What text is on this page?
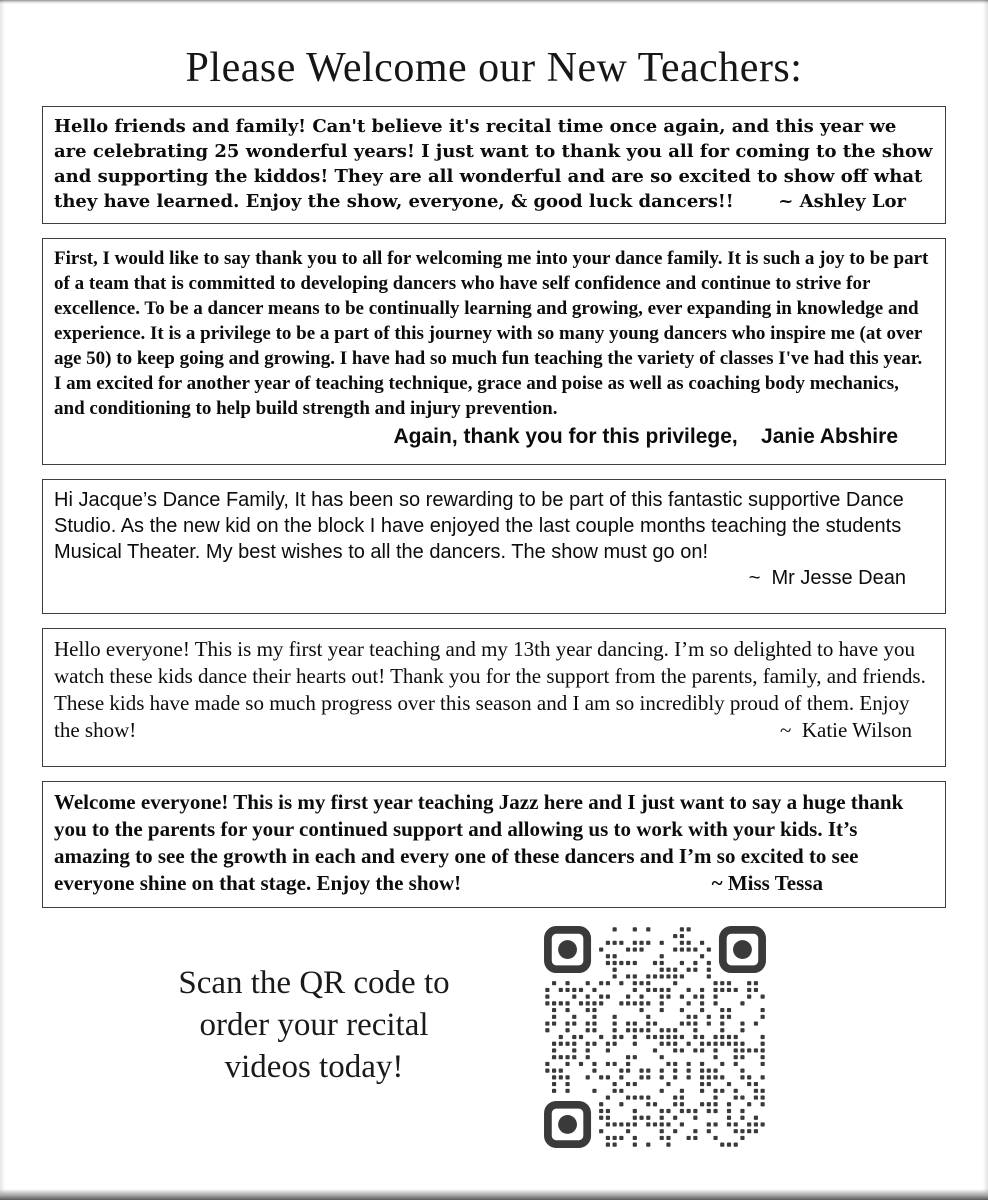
Please Welcome our New Teachers:

Hello friends and family! Can't believe it's recital time once again, and this year we are celebrating 25 wonderful years! I just want to thank you all for coming to the show and supporting the kiddos! They are all wonderful and are so excited to show off what they have learned. Enjoy the show, everyone, & good luck dancers!! ~ Ashley Lor

First, I would like to say thank you to all for welcoming me into your dance family. It is such a joy to be part of a team that is committed to developing dancers who have self confidence and continue to strive for excellence. To be a dancer means to be continually learning and growing, ever expanding in knowledge and experience. It is a privilege to be a part of this journey with so many young dancers who inspire me (at over age 50) to keep going and growing. I have had so much fun teaching the variety of classes I've had this year. I am excited for another year of teaching technique, grace and poise as well as coaching body mechanics, and conditioning to help build strength and injury prevention.

Again, thank you for this privilege,    Janie Abshire

Hi Jacque’s Dance Family, It has been so rewarding to be part of this fantastic supportive Dance Studio. As the new kid on the block I have enjoyed the last couple months teaching the students Musical Theater. My best wishes to all the dancers. The show must go on!

~  Mr Jesse Dean

Hello everyone! This is my first year teaching and my 13th year dancing. I’m so delighted to have you watch these kids dance their hearts out! Thank you for the support from the parents, family, and friends. These kids have made so much progress over this season and I am so incredibly proud of them. Enjoy the show!	~  Katie Wilson

Welcome everyone! This is my first year teaching Jazz here and I just want to say a huge thank you to the parents for your continued support and allowing us to work with your kids. It’s amazing to see the growth in each and every one of these dancers and I’m so excited to see everyone shine on that stage. Enjoy the show!	~ Miss Tessa

Scan the QR code to
order your recital
videos today!
